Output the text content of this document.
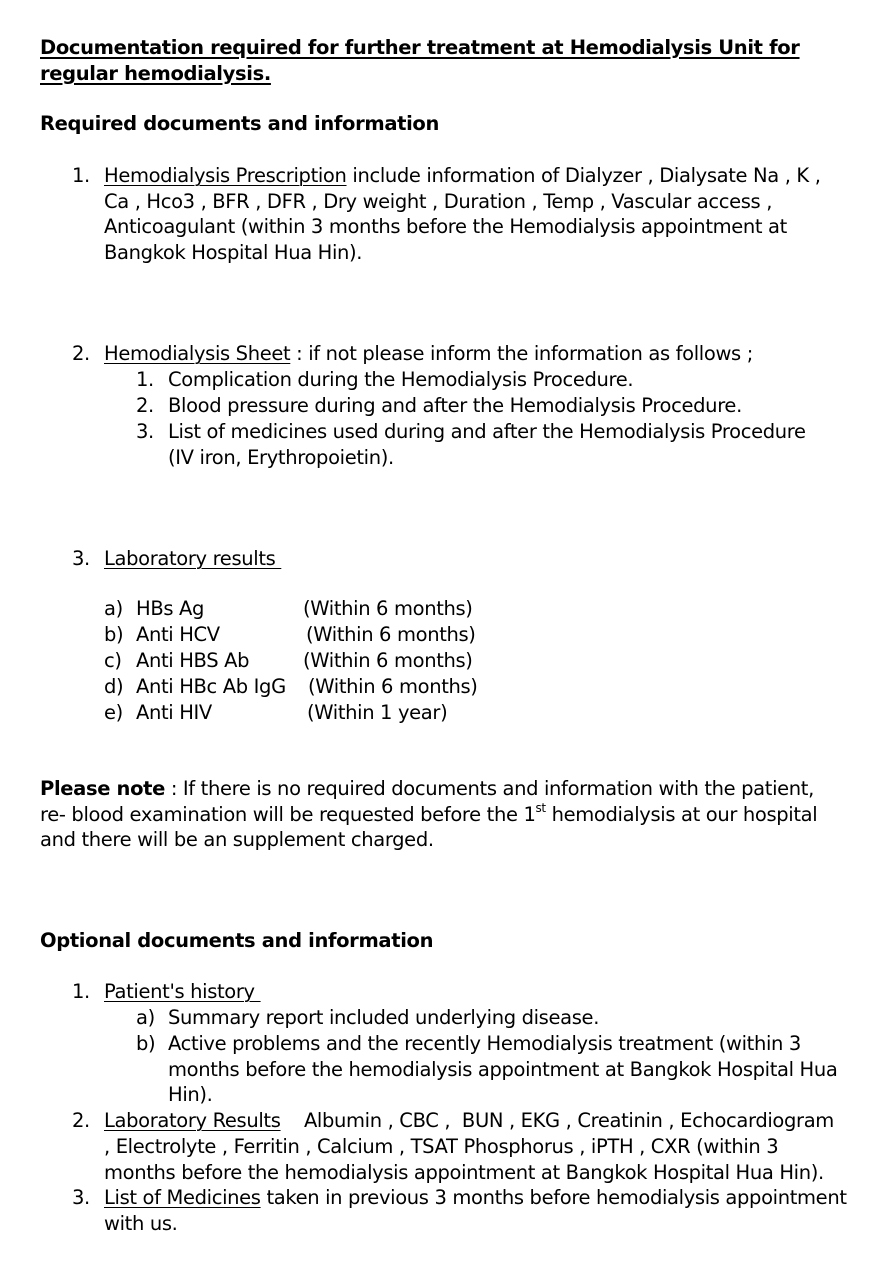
Documentation required for further treatment at Hemodialysis Unit for
regular hemodialysis.
Required documents and information
1. Hemodialysis Prescription include information of Dialyzer , Dialysate Na , K ,
Ca , Hco3 , BFR , DFR , Dry weight , Duration , Temp , Vascular access ,
Anticoagulant (within 3 months before the Hemodialysis appointment at
Bangkok Hospital Hua Hin).
2. Hemodialysis Sheet : if not please inform the information as follows ;
1. Complication during the Hemodialysis Procedure.
2. Blood pressure during and after the Hemodialysis Procedure.
3. List of medicines used during and after the Hemodialysis Procedure
(IV iron, Erythropoietin).
3. Laboratory results
a) HBs Ag	(Within 6 months)
b) Anti HCV	(Within 6 months)
c) Anti HBS Ab	(Within 6 months)
d) Anti HBc Ab IgG (Within 6 months)
e) Anti HIV	(Within 1 year)
Please note : If there is no required documents and information with the patient,
re- blood examination will be requested before the 1st hemodialysis at our hospital
and there will be an supplement charged.
Optional documents and information
1. Patient's history
a) Summary report included underlying disease.
b) Active problems and the recently Hemodialysis treatment (within 3
months before the hemodialysis appointment at Bangkok Hospital Hua
Hin).
2. Laboratory Results    Albumin , CBC ,  BUN , EKG , Creatinin , Echocardiogram
, Electrolyte , Ferritin , Calcium , TSAT Phosphorus , iPTH , CXR (within 3
months before the hemodialysis appointment at Bangkok Hospital Hua Hin).
3. List of Medicines taken in previous 3 months before hemodialysis appointment
with us.
